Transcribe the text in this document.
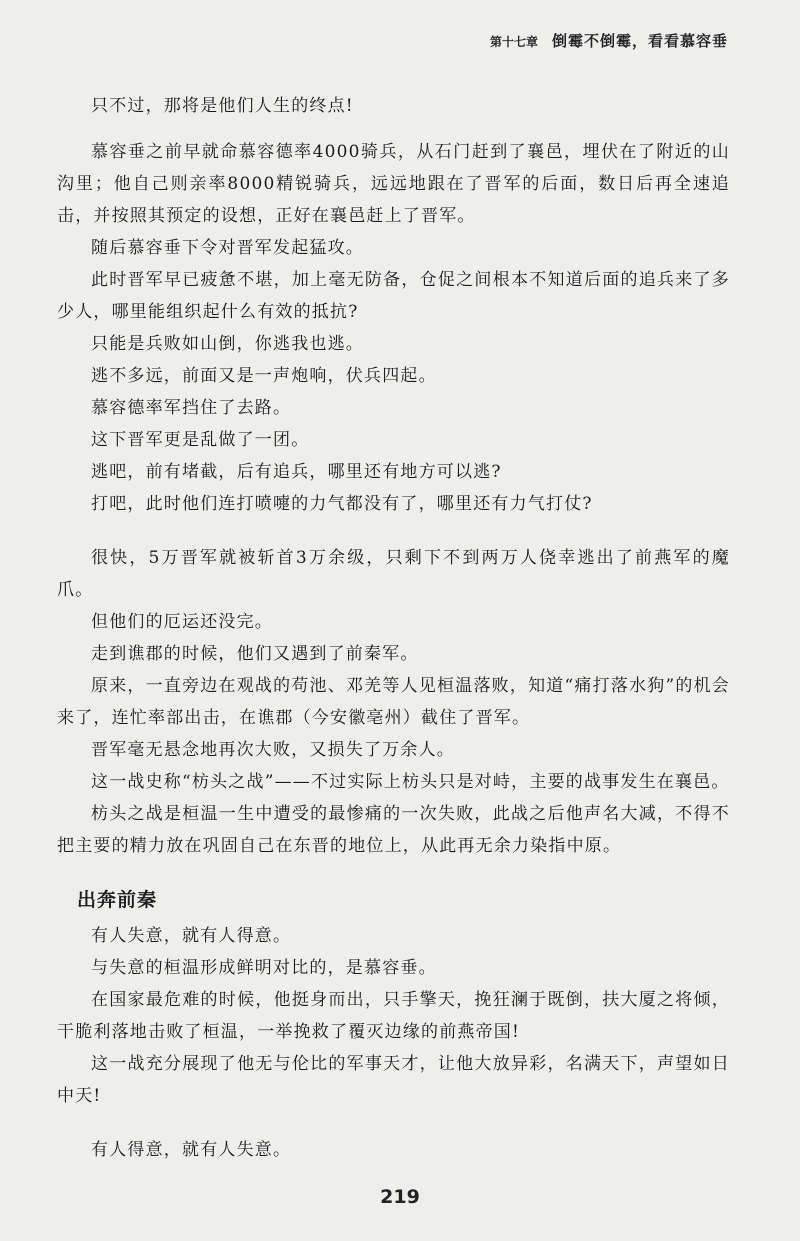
第十七章 倒霉不倒霉，看看慕容垂

只不过，那将是他们人生的终点!

慕容垂之前早就命慕容德率4000骑兵，从石门赶到了襄邑，埋伏在了附近的山沟里；他自己则亲率8000精锐骑兵，远远地跟在了晋军的后面，数日后再全速追击，并按照其预定的设想，正好在襄邑赶上了晋军。

随后慕容垂下令对晋军发起猛攻。

此时晋军早已疲惫不堪，加上毫无防备，仓促之间根本不知道后面的追兵来了多少人，哪里能组织起什么有效的抵抗?

只能是兵败如山倒，你逃我也逃。

逃不多远，前面又是一声炮响，伏兵四起。

慕容德率军挡住了去路。

这下晋军更是乱做了一团。

逃吧，前有堵截，后有追兵，哪里还有地方可以逃?

打吧，此时他们连打喷嚏的力气都没有了，哪里还有力气打仗?

很快，5万晋军就被斩首3万余级，只剩下不到两万人侥幸逃出了前燕军的魔爪。

但他们的厄运还没完。

走到谯郡的时候，他们又遇到了前秦军。

原来，一直旁边在观战的苟池、邓羌等人见桓温落败，知道“痛打落水狗”的机会来了，连忙率部出击，在谯郡（今安徽亳州）截住了晋军。

晋军毫无悬念地再次大败，又损失了万余人。

这一战史称“枋头之战”——不过实际上枋头只是对峙，主要的战事发生在襄邑。

枋头之战是桓温一生中遭受的最惨痛的一次失败，此战之后他声名大减，不得不把主要的精力放在巩固自己在东晋的地位上，从此再无余力染指中原。

出奔前秦

有人失意，就有人得意。

与失意的桓温形成鲜明对比的，是慕容垂。

在国家最危难的时候，他挺身而出，只手擎天，挽狂澜于既倒，扶大厦之将倾，干脆利落地击败了桓温，一举挽救了覆灭边缘的前燕帝国!

这一战充分展现了他无与伦比的军事天才，让他大放异彩，名满天下，声望如日中天!

有人得意，就有人失意。

219
